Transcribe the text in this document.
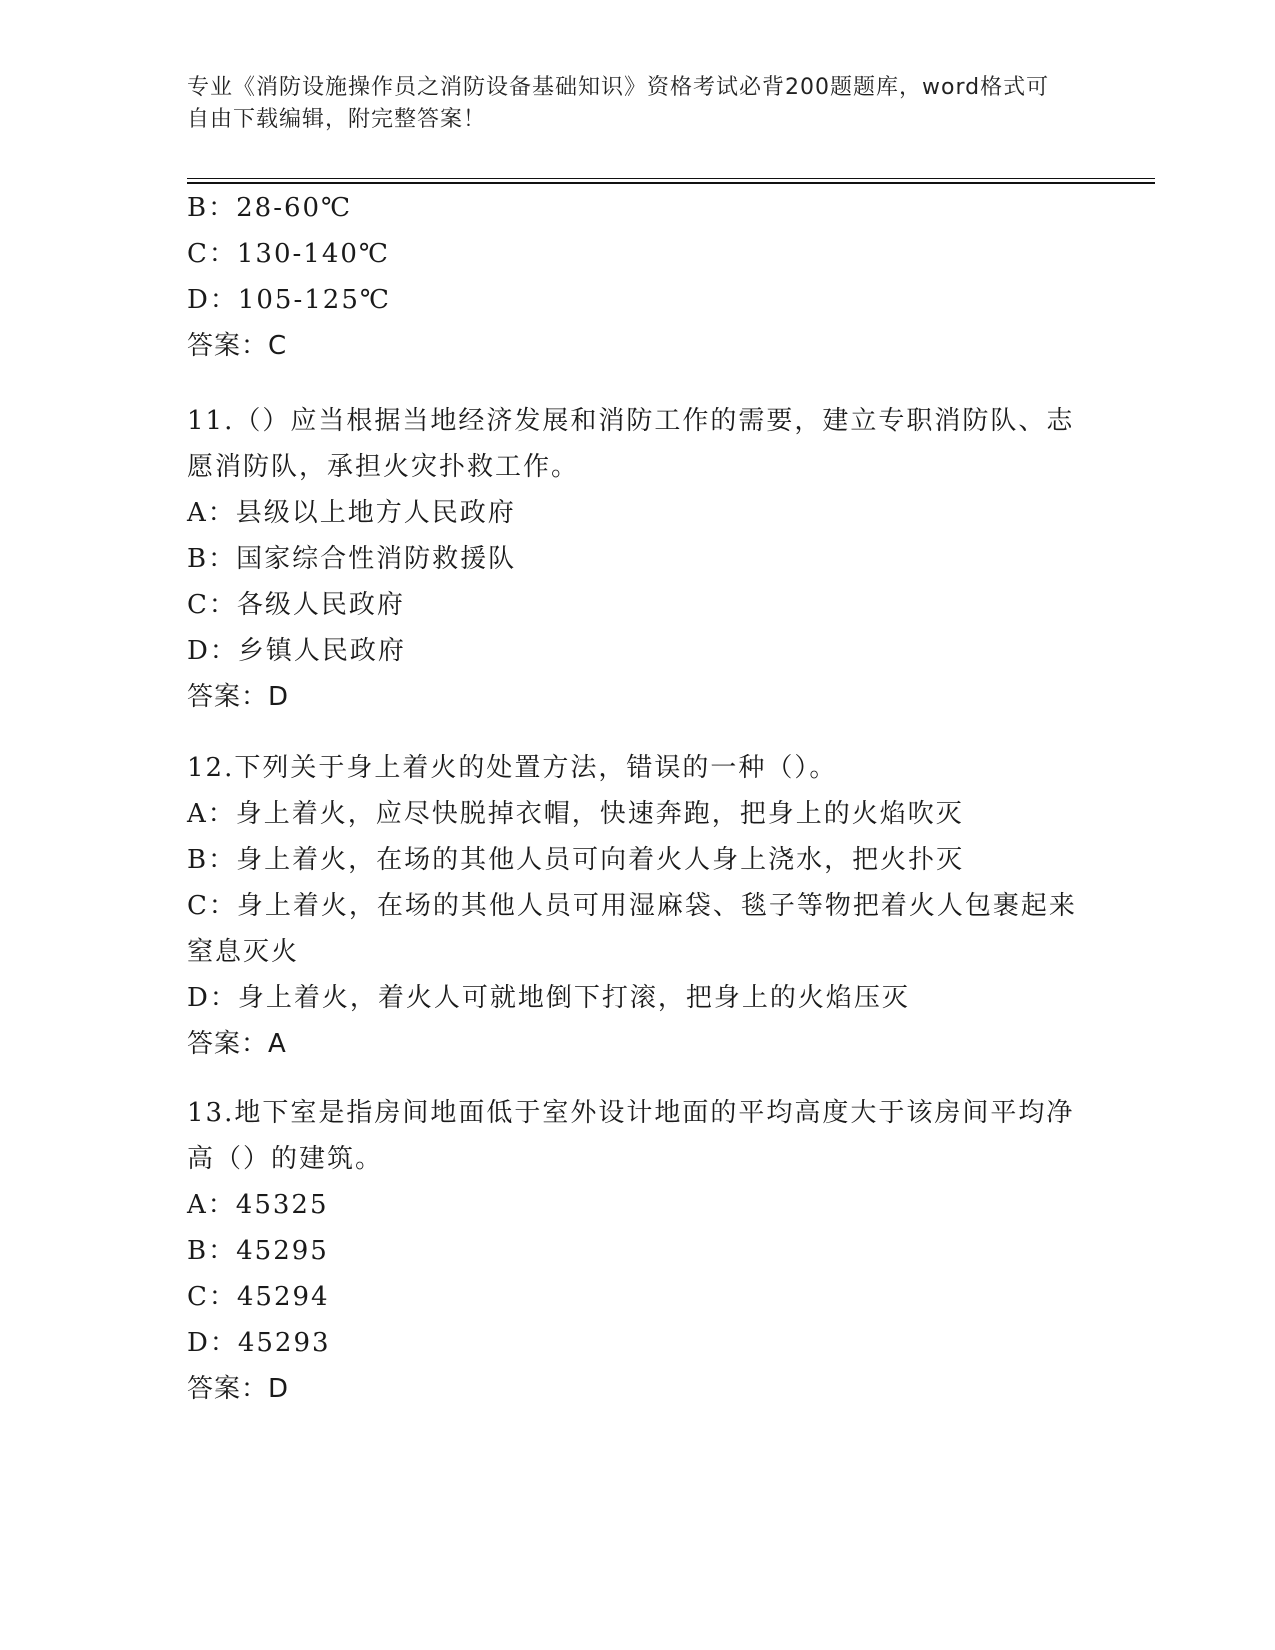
专业《消防设施操作员之消防设备基础知识》资格考试必背200题题库，word格式可自由下载编辑，附完整答案！
B：28-60℃
C：130-140℃
D：105-125℃
答案：C
11.（）应当根据当地经济发展和消防工作的需要，建立专职消防队、志愿消防队，承担火灾扑救工作。
A：县级以上地方人民政府
B：国家综合性消防救援队
C：各级人民政府
D：乡镇人民政府
答案：D
12.下列关于身上着火的处置方法，错误的一种（）。
A：身上着火，应尽快脱掉衣帽，快速奔跑，把身上的火焰吹灭
B：身上着火，在场的其他人员可向着火人身上浇水，把火扑灭
C：身上着火，在场的其他人员可用湿麻袋、毯子等物把着火人包裹起来窒息灭火
D：身上着火，着火人可就地倒下打滚，把身上的火焰压灭
答案：A
13.地下室是指房间地面低于室外设计地面的平均高度大于该房间平均净高（）的建筑。
A：45325
B：45295
C：45294
D：45293
答案：D
